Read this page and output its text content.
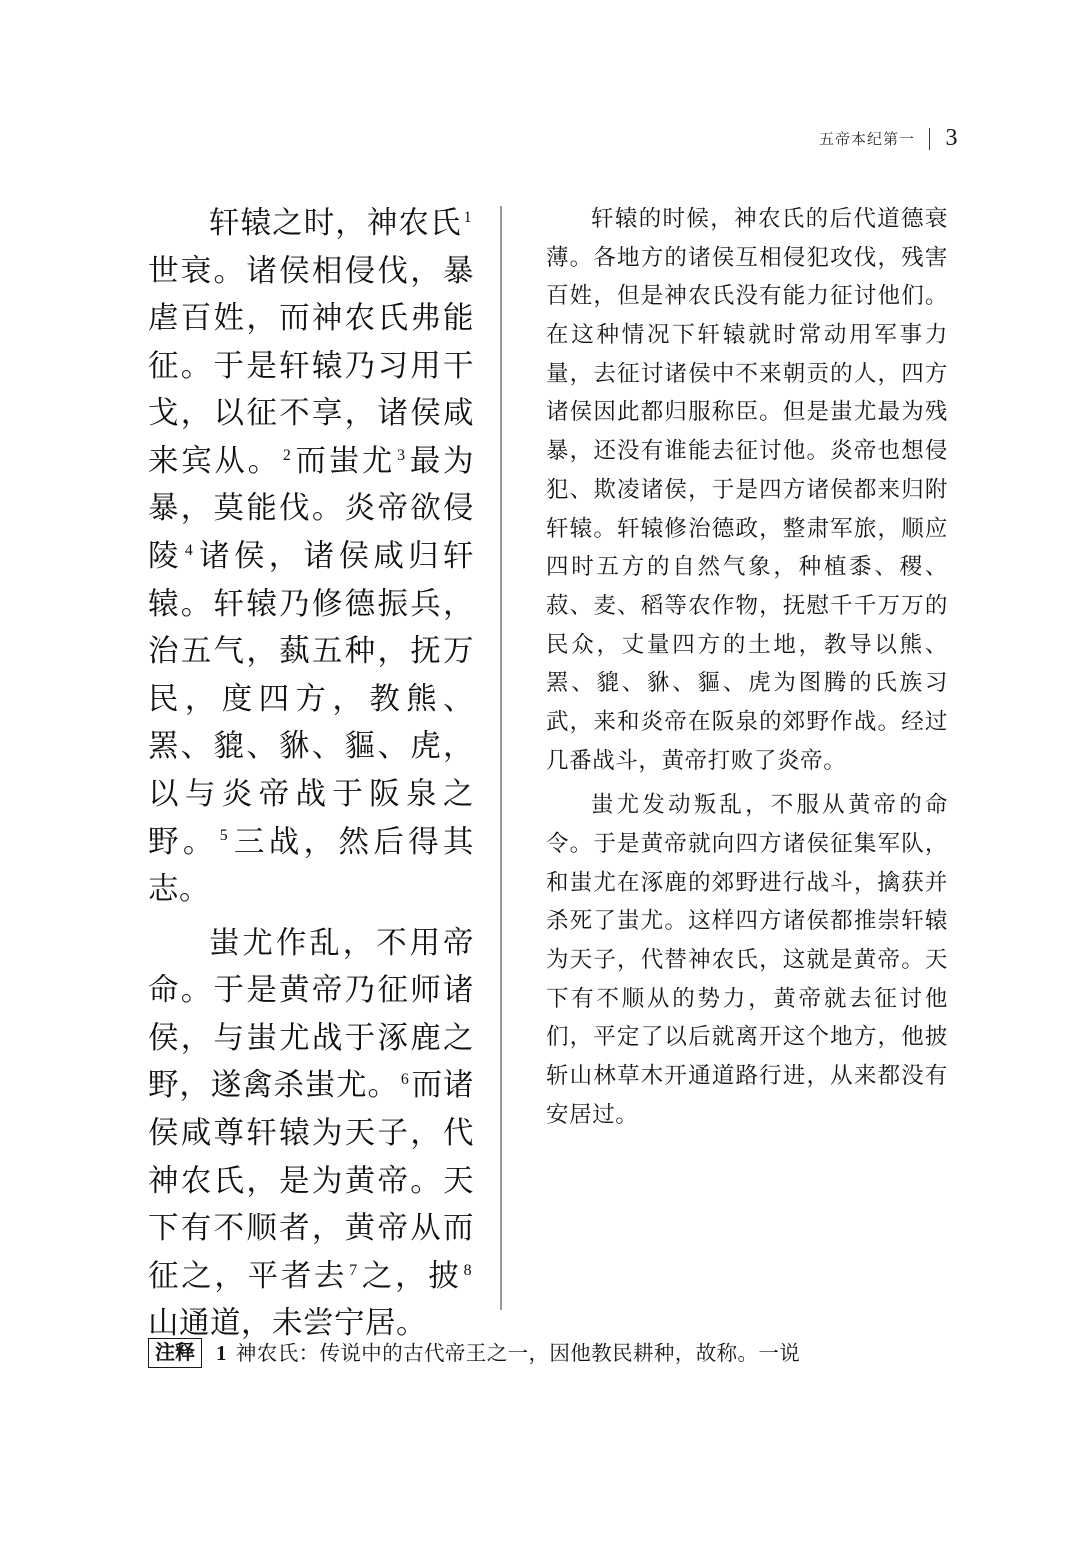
五帝本纪第一 3

轩辕之时，神农氏 $^1$世衰。诸侯相侵伐，暴虐百姓，而神农氏弗能征。于是轩辕乃习用干戈，以征不享，诸侯咸来宾从。 $^2$而蚩尤 $^3$最为暴，莫能伐。炎帝欲侵陵 $^4$诸侯，诸侯咸归轩辕。轩辕乃修德振兵，治五气，蓺五种，抚万民，度四方，教熊、罴、貔、貅、貙、虎，以与炎帝战于阪泉之野。 $^5$三战，然后得其志。

蚩尤作乱，不用帝命。于是黄帝乃征师诸侯，与蚩尤战于涿鹿之野，遂禽杀蚩尤。 $^6$而诸侯咸尊轩辕为天子，代神农氏，是为黄帝。天下有不顺者，黄帝从而征之，平者去 $^7$之，披 $^8$山通道，未尝宁居。

轩辕的时候，神农氏的后代道德衰薄。各地方的诸侯互相侵犯攻伐，残害百姓，但是神农氏没有能力征讨他们。在这种情况下轩辕就时常动用军事力量，去征讨诸侯中不来朝贡的人，四方诸侯因此都归服称臣。但是蚩尤最为残暴，还没有谁能去征讨他。炎帝也想侵犯、欺凌诸侯，于是四方诸侯都来归附轩辕。轩辕修治德政，整肃军旅，顺应四时五方的自然气象，种植黍、稷、菽、麦、稻等农作物，抚慰千千万万的民众，丈量四方的土地，教导以熊、罴、貔、貅、貙、虎为图腾的氏族习武，来和炎帝在阪泉的郊野作战。经过几番战斗，黄帝打败了炎帝。

蚩尤发动叛乱，不服从黄帝的命令。于是黄帝就向四方诸侯征集军队，和蚩尤在涿鹿的郊野进行战斗，擒获并杀死了蚩尤。这样四方诸侯都推崇轩辕为天子，代替神农氏，这就是黄帝。天下有不顺从的势力，黄帝就去征讨他们，平定了以后就离开这个地方，他披斩山林草木开通道路行进，从来都没有安居过。

注释	1 神农氏：传说中的古代帝王之一，因他教民耕种，故称。一说
